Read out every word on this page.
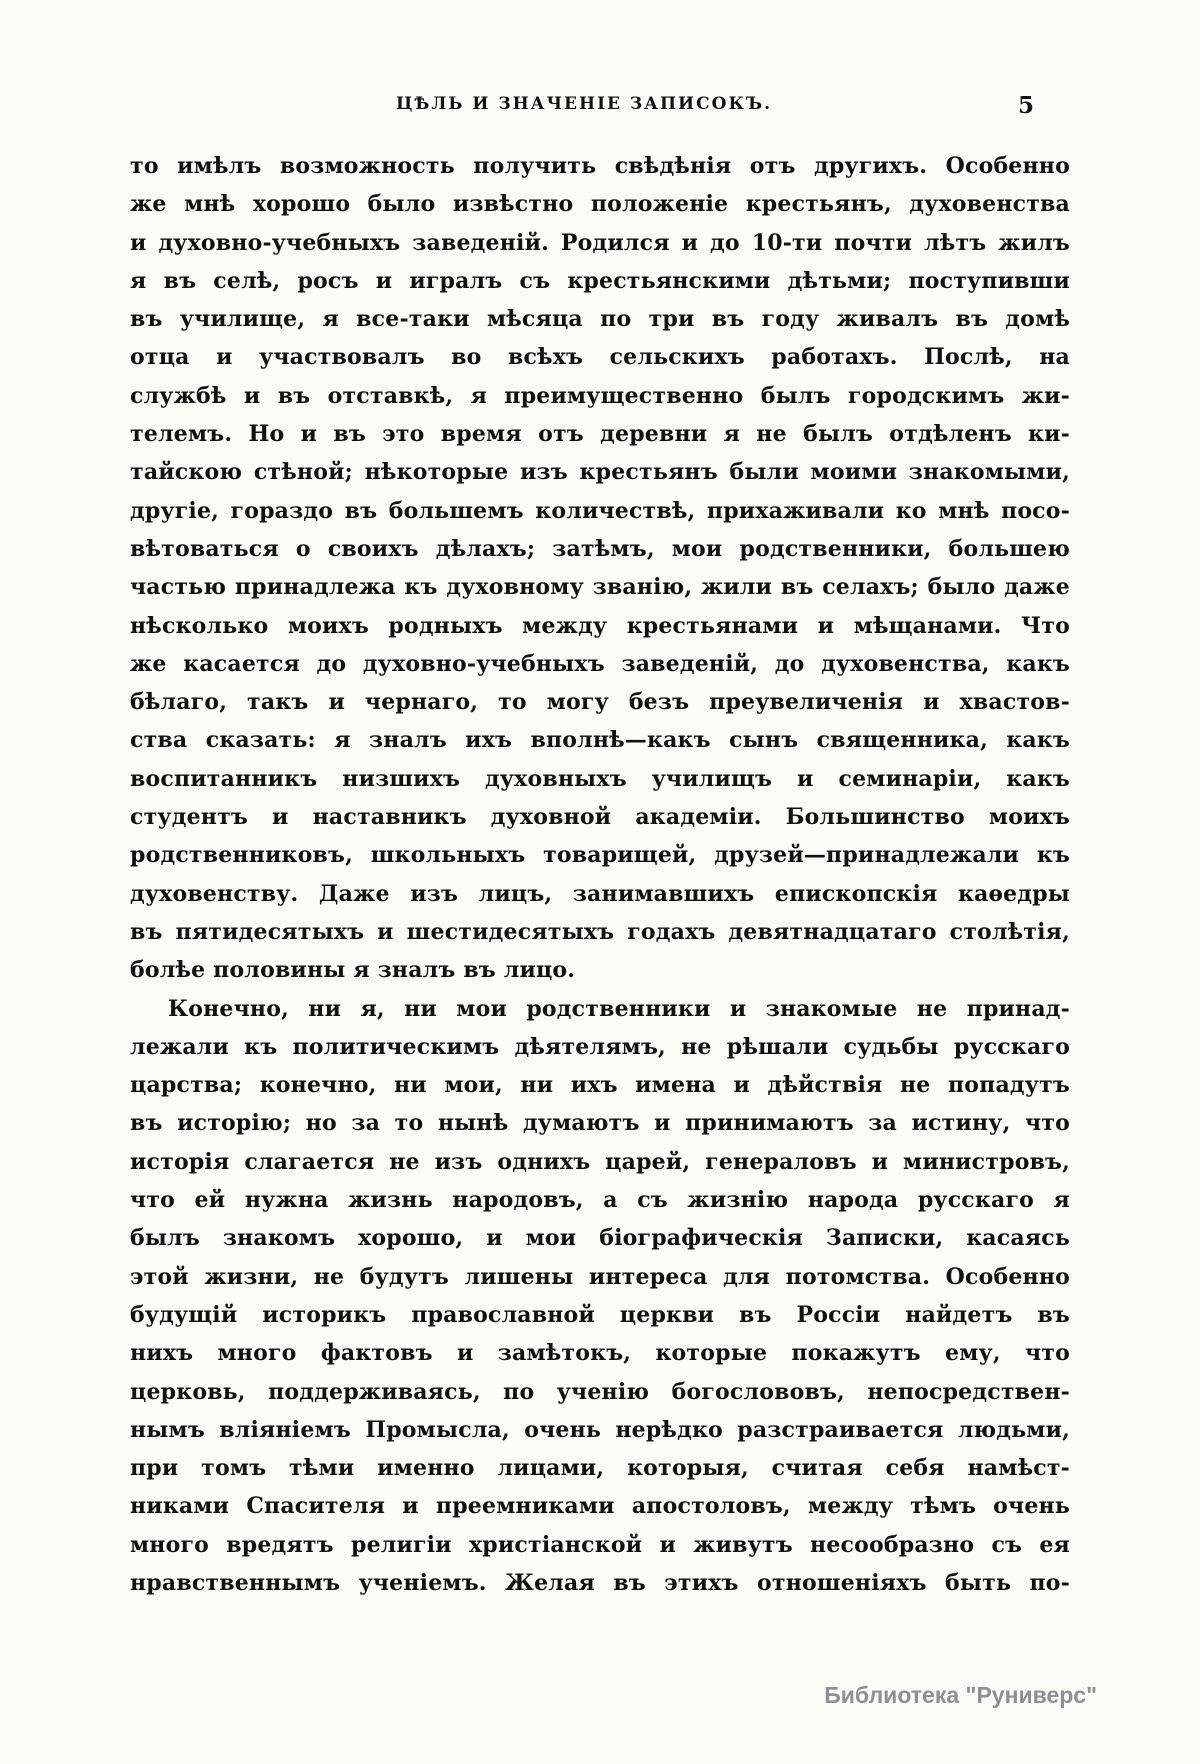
ЦѢЛЬ И ЗНАЧЕНІЕ ЗАПИСОКЪ.	5
то имѣлъ возможность получить свѣдѣнія отъ другихъ. Особенно
же мнѣ хорошо было извѣстно положеніе крестьянъ, духовенства
и духовно-учебныхъ заведеній. Родился и до 10-ти почти лѣтъ жилъ
я въ селѣ, росъ и игралъ съ крестьянскими дѣтьми; поступивши
въ училище, я все-таки мѣсяца по три въ году живалъ въ домѣ
отца и участвовалъ во всѣхъ сельскихъ работахъ. Послѣ, на
службѣ и въ отставкѣ, я преимущественно былъ городскимъ жи-
телемъ. Но и въ это время отъ деревни я не былъ отдѣленъ ки-
тайскою стѣной; нѣкоторые изъ крестьянъ были моими знакомыми,
другіе, гораздо въ большемъ количествѣ, прихаживали ко мнѣ посо-
вѣтоваться о своихъ дѣлахъ; затѣмъ, мои родственники, большею
частью принадлежа къ духовному званію, жили въ селахъ; было даже
нѣсколько моихъ родныхъ между крестьянами и мѣщанами. Что
же касается до духовно-учебныхъ заведеній, до духовенства, какъ
бѣлаго, такъ и чернаго, то могу безъ преувеличенія и хвастов-
ства сказать: я зналъ ихъ вполнѣ—какъ сынъ священника, какъ
воспитанникъ низшихъ духовныхъ училищъ и семинаріи, какъ
студентъ и наставникъ духовной академіи. Большинство моихъ
родственниковъ, школьныхъ товарищей, друзей—принадлежали къ
духовенству. Даже изъ лицъ, занимавшихъ епископскія каѳедры
въ пятидесятыхъ и шестидесятыхъ годахъ девятнадцатаго столѣтія,
болѣе половины я зналъ въ лицо.
Конечно, ни я, ни мои родственники и знакомые не принад-
лежали къ политическимъ дѣятелямъ, не рѣшали судьбы русскаго
царства; конечно, ни мои, ни ихъ имена и дѣйствія не попадутъ
въ исторію; но за то нынѣ думаютъ и принимаютъ за истину, что
исторія слагается не изъ однихъ царей, генераловъ и министровъ,
что ей нужна жизнь народовъ, а съ жизнію народа русскаго я
былъ знакомъ хорошо, и мои біографическія Записки, касаясь
этой жизни, не будутъ лишены интереса для потомства. Особенно
будущій историкъ православной церкви въ Россіи найдетъ въ
нихъ много фактовъ и замѣтокъ, которые покажутъ ему, что
церковь, поддерживаясь, по ученію богослововъ, непосредствен-
нымъ вліяніемъ Промысла, очень нерѣдко разстраивается людьми,
при томъ тѣми именно лицами, которыя, считая себя намѣст-
никами Спасителя и преемниками апостоловъ, между тѣмъ очень
много вредятъ религіи христіанской и живутъ несообразно съ ея
нравственнымъ ученіемъ. Желая въ этихъ отношеніяхъ быть по-
Библиотека "Руниверс"
